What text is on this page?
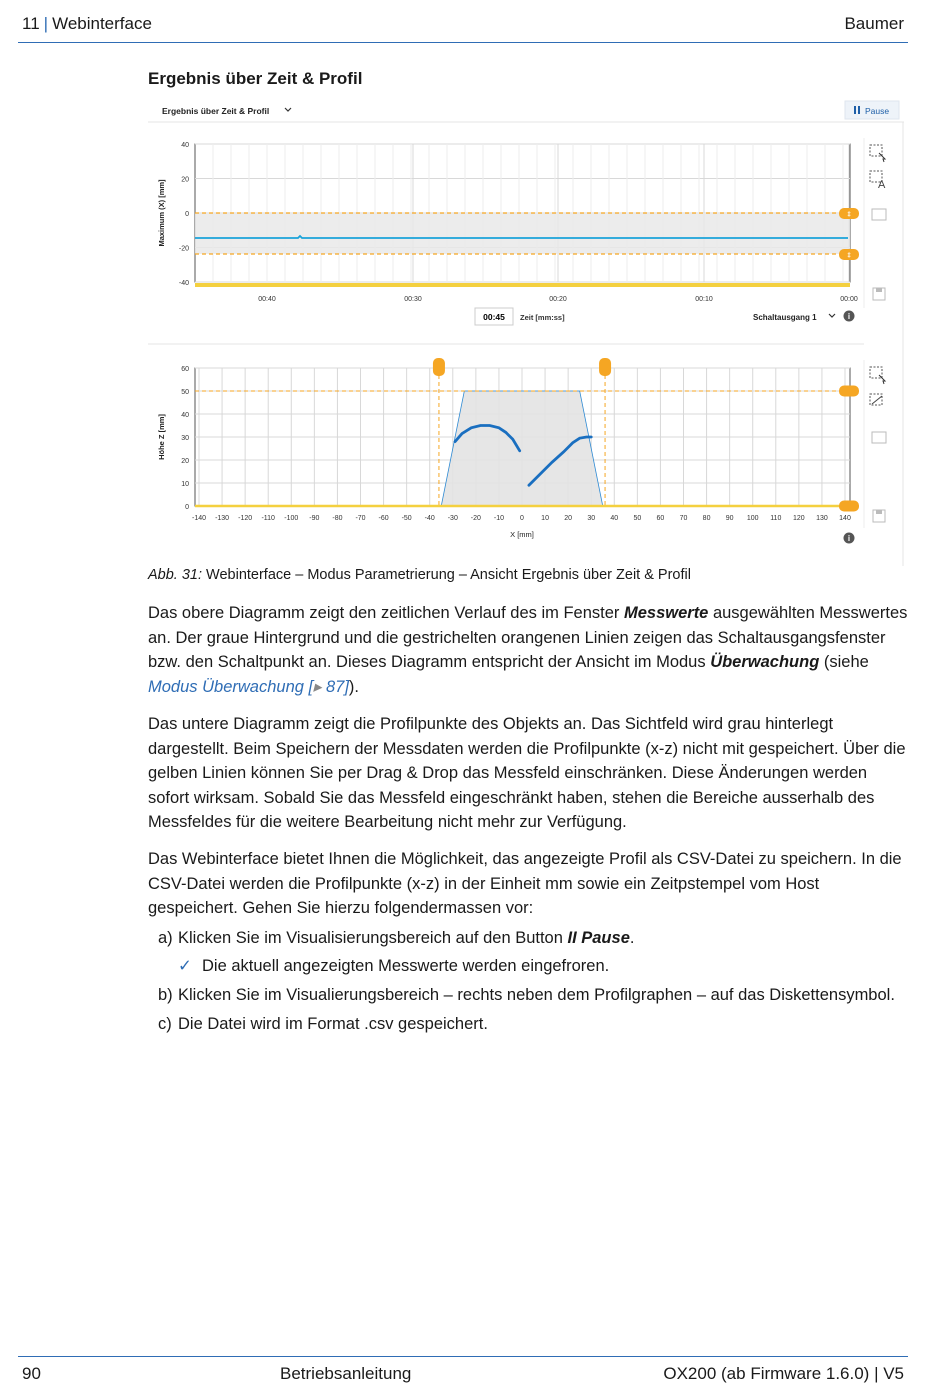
11 | Webinterface	Baumer
Ergebnis über Zeit & Profil
Ergebnis über Zeit & Profil	Pause
40
20
0
-20
-40
00:40	00:30	00:20	00:10	00:00
Maximum (X) [mm]	⇕
⇕
00:45 Zeit [mm:ss]	Schaltausgang 1	i
A
-140 -130 -120 -110 -100 -90 -80 -70 -60 -50 -40 -30 -20 -10 0 10 20 30 40 50 60 70 80 90 100 110 120 130 140
60
50
40
30
20
10
0
Höhe Z [mm]
X [mm]	i
Abb. 31: Webinterface – Modus Parametrierung – Ansicht Ergebnis über Zeit & Profil

Das obere Diagramm zeigt den zeitlichen Verlauf des im Fenster Messwerte ausgewählten Messwertes an. Der graue Hintergrund und die gestrichelten orangenen Linien zeigen das Schaltausgangsfenster bzw. den Schaltpunkt an. Dieses Diagramm entspricht der Ansicht im Modus Überwachung (siehe Modus Überwachung [▸ 87]).

Das untere Diagramm zeigt die Profilpunkte des Objekts an. Das Sichtfeld wird grau hinterlegt dargestellt. Beim Speichern der Messdaten werden die Profilpunkte (x-z) nicht mit gespeichert. Über die gelben Linien können Sie per Drag & Drop das Messfeld einschränken. Diese Änderungen werden sofort wirksam. Sobald Sie das Messfeld eingeschränkt haben, stehen die Bereiche ausserhalb des Messfeldes für die weitere Bearbeitung nicht mehr zur Verfügung.

Das Webinterface bietet Ihnen die Möglichkeit, das angezeigte Profil als CSV-Datei zu speichern. In die CSV-Datei werden die Profilpunkte (x-z) in der Einheit mm sowie ein Zeitpstempel vom Host gespeichert. Gehen Sie hierzu folgendermassen vor:

a) Klicken Sie im Visualisierungsbereich auf den Button II Pause.
✓ Die aktuell angezeigten Messwerte werden eingefroren.
b) Klicken Sie im Visualierungsbereich – rechts neben dem Profilgraphen – auf das Diskettensymbol.
c) Die Datei wird im Format .csv gespeichert.
90	Betriebsanleitung	OX200 (ab Firmware 1.6.0) | V5
